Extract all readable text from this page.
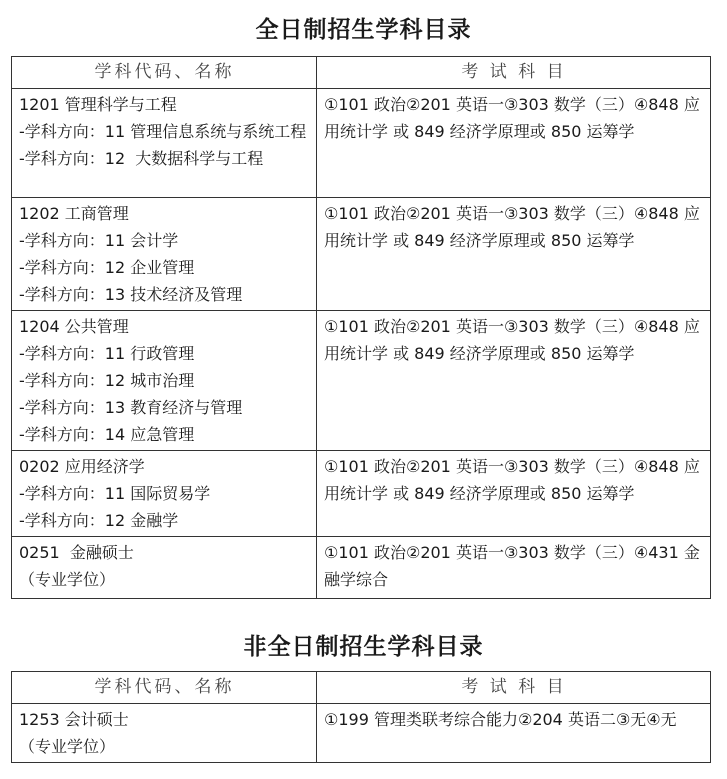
全日制招生学科目录
学科代码、名称	考 试 科 目

1201 管理科学与工程
-学科方向：11 管理信息系统与系统工程
-学科方向：12  大数据科学与工程	①101 政治②201 英语一③303 数学（三）④848 应用统计学 或 849 经济学原理或 850 运筹学

1202 工商管理
-学科方向：11 会计学
-学科方向：12 企业管理
-学科方向：13 技术经济及管理	①101 政治②201 英语一③303 数学（三）④848 应用统计学 或 849 经济学原理或 850 运筹学

1204 公共管理
-学科方向：11 行政管理
-学科方向：12 城市治理
-学科方向：13 教育经济与管理
-学科方向：14 应急管理	①101 政治②201 英语一③303 数学（三）④848 应用统计学 或 849 经济学原理或 850 运筹学

0202 应用经济学
-学科方向：11 国际贸易学
-学科方向：12 金融学	①101 政治②201 英语一③303 数学（三）④848 应用统计学 或 849 经济学原理或 850 运筹学

0251  金融硕士
（专业学位）	①101 政治②201 英语一③303 数学（三）④431 金融学综合
非全日制招生学科目录
学科代码、名称	考 试 科 目

1253 会计硕士
（专业学位）	①199 管理类联考综合能力②204 英语二③无④无
